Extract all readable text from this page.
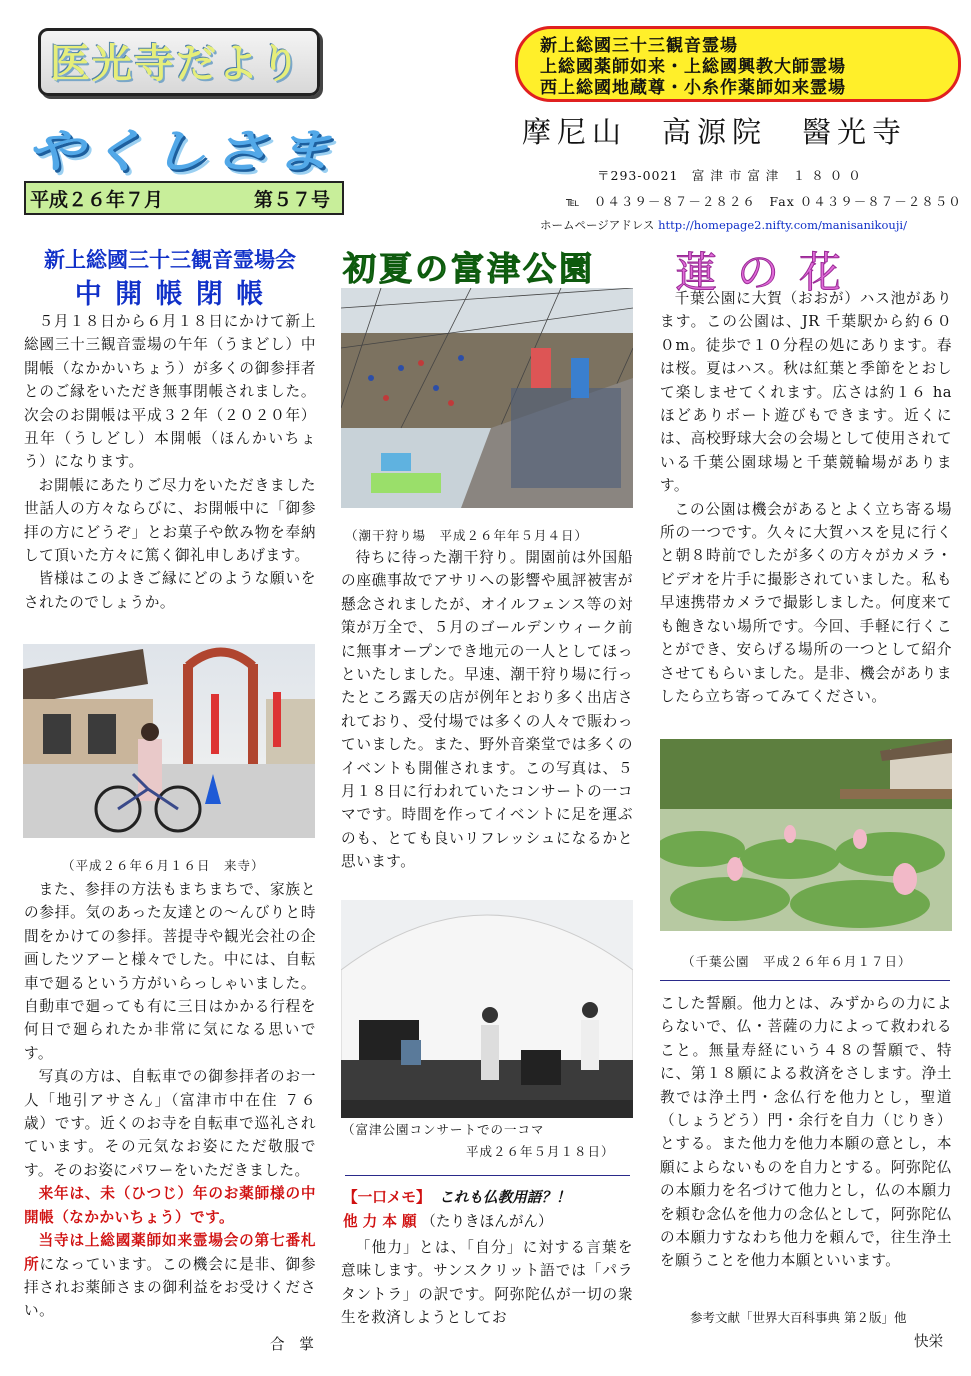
医光寺だより
やくしさま
新上総國三十三観音霊場
上総國薬師如来・上総國興教大師霊場
西上総國地蔵尊・小糸作薬師如来霊場
摩尼山　高源院　醫光寺
平成２６年７月	第５７号
〒293-0021　富 津 市 富 津　１ ８ ０ ０
℡　０４３９－８７－２８２６　Fax ０４３９－８７－２８５０
ホームページアドレス http://homepage2.nifty.com/manisanikouji/
新上総國三十三観音霊場会
中 開 帳 閉 帳

５月１８日から６月１８日にかけて新上総國三十三観音霊場の午年（うまどし）中開帳（なかかいちょう）が多くの御参拝者とのご縁をいただき無事閉帳されました。次会のお開帳は平成３２年（２０２０年）丑年（うしどし）本開帳（ほんかいちょう）になります。

お開帳にあたりご尽力をいただきました世話人の方々ならびに、お開帳中に「御参拝の方にどうぞ」とお菓子や飲み物を奉納して頂いた方々に篤く御礼申しあげます。

皆様はこのよきご縁にどのような願いをされたのでしょうか。

（平成２６年６月１６日　来寺）

また、参拝の方法もまちまちで、家族との参拝。気のあった友達との～んびりと時間をかけての参拝。菩提寺や観光会社の企画したツアーと様々でした。中には、自転車で廻るという方がいらっしゃいました。自動車で廻っても有に三日はかかる行程を何日で廻られたか非常に気になる思いです。

写真の方は、自転車での御参拝者のお一人「地引アサさん」（富津市中在住 ７６歳）です。近くのお寺を自転車で巡礼されています。その元気なお姿にただ敬服です。そのお姿にパワーをいただきました。

来年は、未（ひつじ）年のお薬師様の中開帳（なかかいちょう）です。

当寺は上総國薬師如来霊場会の第七番札所になっています。この機会に是非、御参拝されお薬師さまの御利益をお受けください。

合　掌
初夏の富津公園
（潮干狩り場　平成２６年年５月４日）

待ちに待った潮干狩り。開園前は外国船の座礁事故でアサリへの影響や風評被害が懸念されましたが、オイルフェンス等の対策が万全で、５月のゴールデンウィーク前に無事オープンでき地元の一人としてほっといたしました。早速、潮干狩り場に行ったところ露天の店が例年とおり多く出店されており、受付場では多くの人々で賑わっていました。また、野外音楽堂では多くのイベントも開催されます。この写真は、５月１８日に行われていたコンサートの一コマです。時間を作ってイベントに足を運ぶのも、とても良いリフレッシュになるかと思います。

（富津公園コンサートでの一コマ
平成２６年５月１８日）
【一口メモ】 これも仏教用語？！
他 力 本 願 （たりきほんがん）

「他力」とは、「自分」に対する言葉を意味します。サンスクリット語では「パラタントラ」の訳です。阿弥陀仏が一切の衆生を救済しようとしてお

蓮の花

千葉公園に大賀（おおが）ハス池があります。この公園は、JR 千葉駅から約６００m。徒歩で１０分程の処にあります。春は桜。夏はハス。秋は紅葉と季節をとおして楽しませてくれます。広さは約１６ ha ほどありボート遊びもできます。近くには、高校野球大会の会場として使用されている千葉公園球場と千葉競輪場があります。

この公園は機会があるとよく立ち寄る場所の一つです。久々に大賀ハスを見に行くと朝８時前でしたが多くの方々がカメラ・ビデオを片手に撮影されていました。私も早速携帯カメラで撮影しました。何度来ても飽きない場所です。今回、手軽に行くことができ、安らげる場所の一つとして紹介させてもらいました。是非、機会がありましたら立ち寄ってみてください。

（千葉公園　平成２６年６月１７日）

こした誓願。他力とは、みずからの力によらないで、仏・菩薩の力によって救われること。無量寿経にいう４８の誓願で、特に、第１８願による救済をさします。浄土教では浄土門・念仏行を他力とし，聖道（しょうどう）門・余行を自力（じりき）とする。また他力を他力本願の意とし，本願によらないものを自力とする。阿弥陀仏の本願力を名づけて他力とし，仏の本願力を頼む念仏を他力の念仏として，阿弥陀仏の本願力すなわち他力を頼んで，往生浄土を願うことを他力本願といいます。

参考文献「世界大百科事典 第２版」他
快栄
